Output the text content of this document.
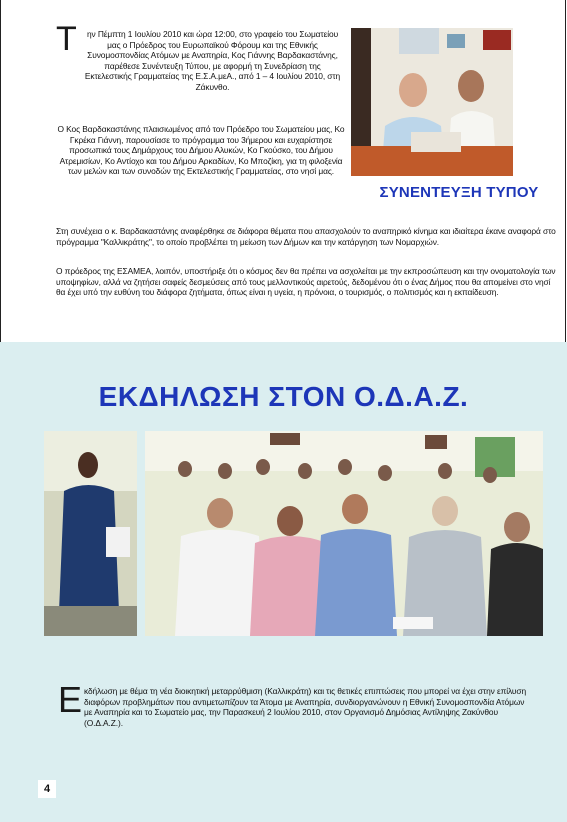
Τ	ην Πέμπτη 1 Ιουλίου 2010 και ώρα 12:00, στο γραφείο του Σωματείου μας ο Πρόεδρος του Ευρωπαϊκού Φόρουμ και της Εθνικής Συνομοσπονδίας Ατόμων με Αναπηρία, Κος Γιάννης Βαρδακαστάνης, παρέθεσε Συνέντευξη Τύπου, με αφορμή τη Συνεδρίαση της Εκτελεστικής Γραμματείας της Ε.Σ.Α.μεΑ., από 1 – 4 Ιουλίου 2010, στη Ζάκυνθο.
Ο Κος Βαρδακαστάνης πλαισιωμένος από τον Πρόεδρο του Σωματείου μας, Κο Γκρέκα Γιάννη, παρουσίασε το πρόγραμμα του 3ήμερου και ευχαρίστησε προσωπικά τους Δημάρχους του Δήμου Αλυκών, Κο Γκούσκο, του Δήμου Ατρεμισίων, Κο Αντίοχο και του Δήμου Αρκαδίων, Κο Μποζίκη, για τη φιλοξενία των μελών και των συνοδών της Εκτελεστικής Γραμματείας, στο νησί μας.
ΣΥΝΕΝΤΕΥΞΗ ΤΥΠΟΥ
Στη συνέχεια ο κ. Βαρδακαστάνης αναφέρθηκε σε διάφορα θέματα που απασχολούν το αναπηρικό κίνημα και ιδιαίτερα έκανε αναφορά στο πρόγραμμα "Καλλικράτης", το οποίο προβλέπει τη μείωση των Δήμων και την κατάργηση των Νομαρχιών.
Ο πρόεδρος της ΕΣΑΜΕΑ, λοιπόν, υποστήριξε ότι ο κόσμος δεν θα πρέπει να ασχολείται με την εκπροσώπευση και την ονοματολογία των υποψηφίων, αλλά να ζητήσει σαφείς δεσμεύσεις από τους μελλοντικούς αιρετούς, δεδομένου ότι ο ένας Δήμος που θα απομείνει στο νησί θα έχει υπό την ευθύνη του διάφορα ζητήματα, όπως είναι η υγεία, η πρόνοια, ο τουρισμός, ο πολιτισμός και η εκπαίδευση.
ΕΚΔΗΛΩΣΗ ΣΤΟΝ Ο.Δ.Α.Ζ.
Ε κδήλωση με θέμα τη νέα διοικητική μεταρρύθμιση (Καλλικράτη) και τις θετικές επιπτώσεις που μπορεί να έχει στην επίλυση διαφόρων προβλημάτων που αντιμετωπίζουν τα Άτομα με Αναπηρία, συνδιοργανώνουν η Εθνική Συνομοσπονδία Ατόμων με Αναπηρία και το Σωματείο μας, την Παρασκευή 2 Ιουλίου 2010, στον Οργανισμό Δημόσιας Αντίληψης Ζακύνθου (Ο.Δ.Α.Ζ.).
4
